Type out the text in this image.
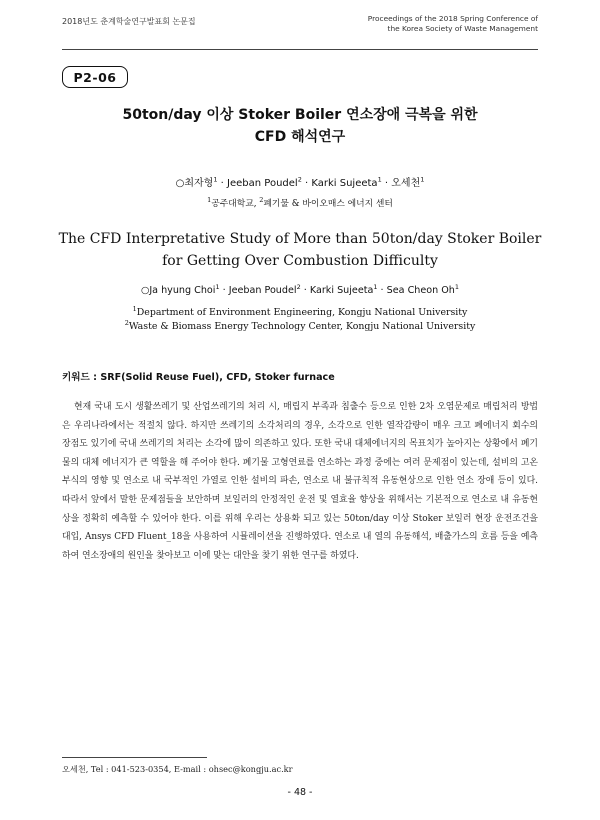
2018년도 춘계학술연구발표회 논문집	Proceedings of the 2018 Spring Conference of
the Korea Society of Waste Management
P2-06
50ton/day 이상 Stoker Boiler 연소장애 극복을 위한
CFD 해석연구
○최자형$^1$ · Jeeban Poudel$^2$ · Karki Sujeeta$^1$ · 오세천$^1$
$^1$공주대학교, $^2$폐기물 & 바이오매스 에너지 센터
The CFD Interpretative Study of More than 50ton/day Stoker Boiler
for Getting Over Combustion Difficulty
○Ja hyung Choi$^1$ · Jeeban Poudel$^2$ · Karki Sujeeta$^1$ · Sea Cheon Oh$^1$
$^1$Department of Environment Engineering, Kongju National University
$^2$Waste & Biomass Energy Technology Center, Kongju National University
키워드 : SRF(Solid Reuse Fuel), CFD, Stoker furnace

현재 국내 도시 생활쓰레기 및 산업쓰레기의 처리 시, 매립지 부족과 침출수 등으로 인한 2차 오염문제로 매립처리 방법은 우리나라에서는 적절치 않다. 하지만 쓰레기의 소각처리의 경우, 소각으로 인한 열작감량이 매우 크고 폐에너지 회수의 장점도 있기에 국내 쓰레기의 처리는 소각에 많이 의존하고 있다. 또한 국내 대체에너지의 목표치가 높아지는 상황에서 폐기물의 대체 에너지가 큰 역할을 해 주어야 한다. 폐기물 고형연료를 연소하는 과정 중에는 여러 문제점이 있는데, 설비의 고온 부식의 영향 및 연소로 내 국부적인 가열로 인한 설비의 파손, 연소로 내 불규칙적 유동현상으로 인한 연소 장애 등이 있다. 따라서 앞에서 말한 문제점들을 보안하며 보일러의 안정적인 운전 및 열효율 향상을 위해서는 기본적으로 연소로 내 유동현상을 정확히 예측할 수 있어야 한다. 이를 위해 우리는 상용화 되고 있는 50ton/day 이상 Stoker 보일러 현장 운전조건을 대입, Ansys CFD Fluent_18을 사용하여 시뮬레이션을 진행하였다. 연소로 내 열의 유동해석, 배출가스의 흐름 등을 예측하여 연소장애의 원인을 찾아보고 이에 맞는 대안을 찾기 위한 연구를 하였다.

오세천, Tel : 041-523-0354, E-mail : ohsec@kongju.ac.kr
- 48 -
